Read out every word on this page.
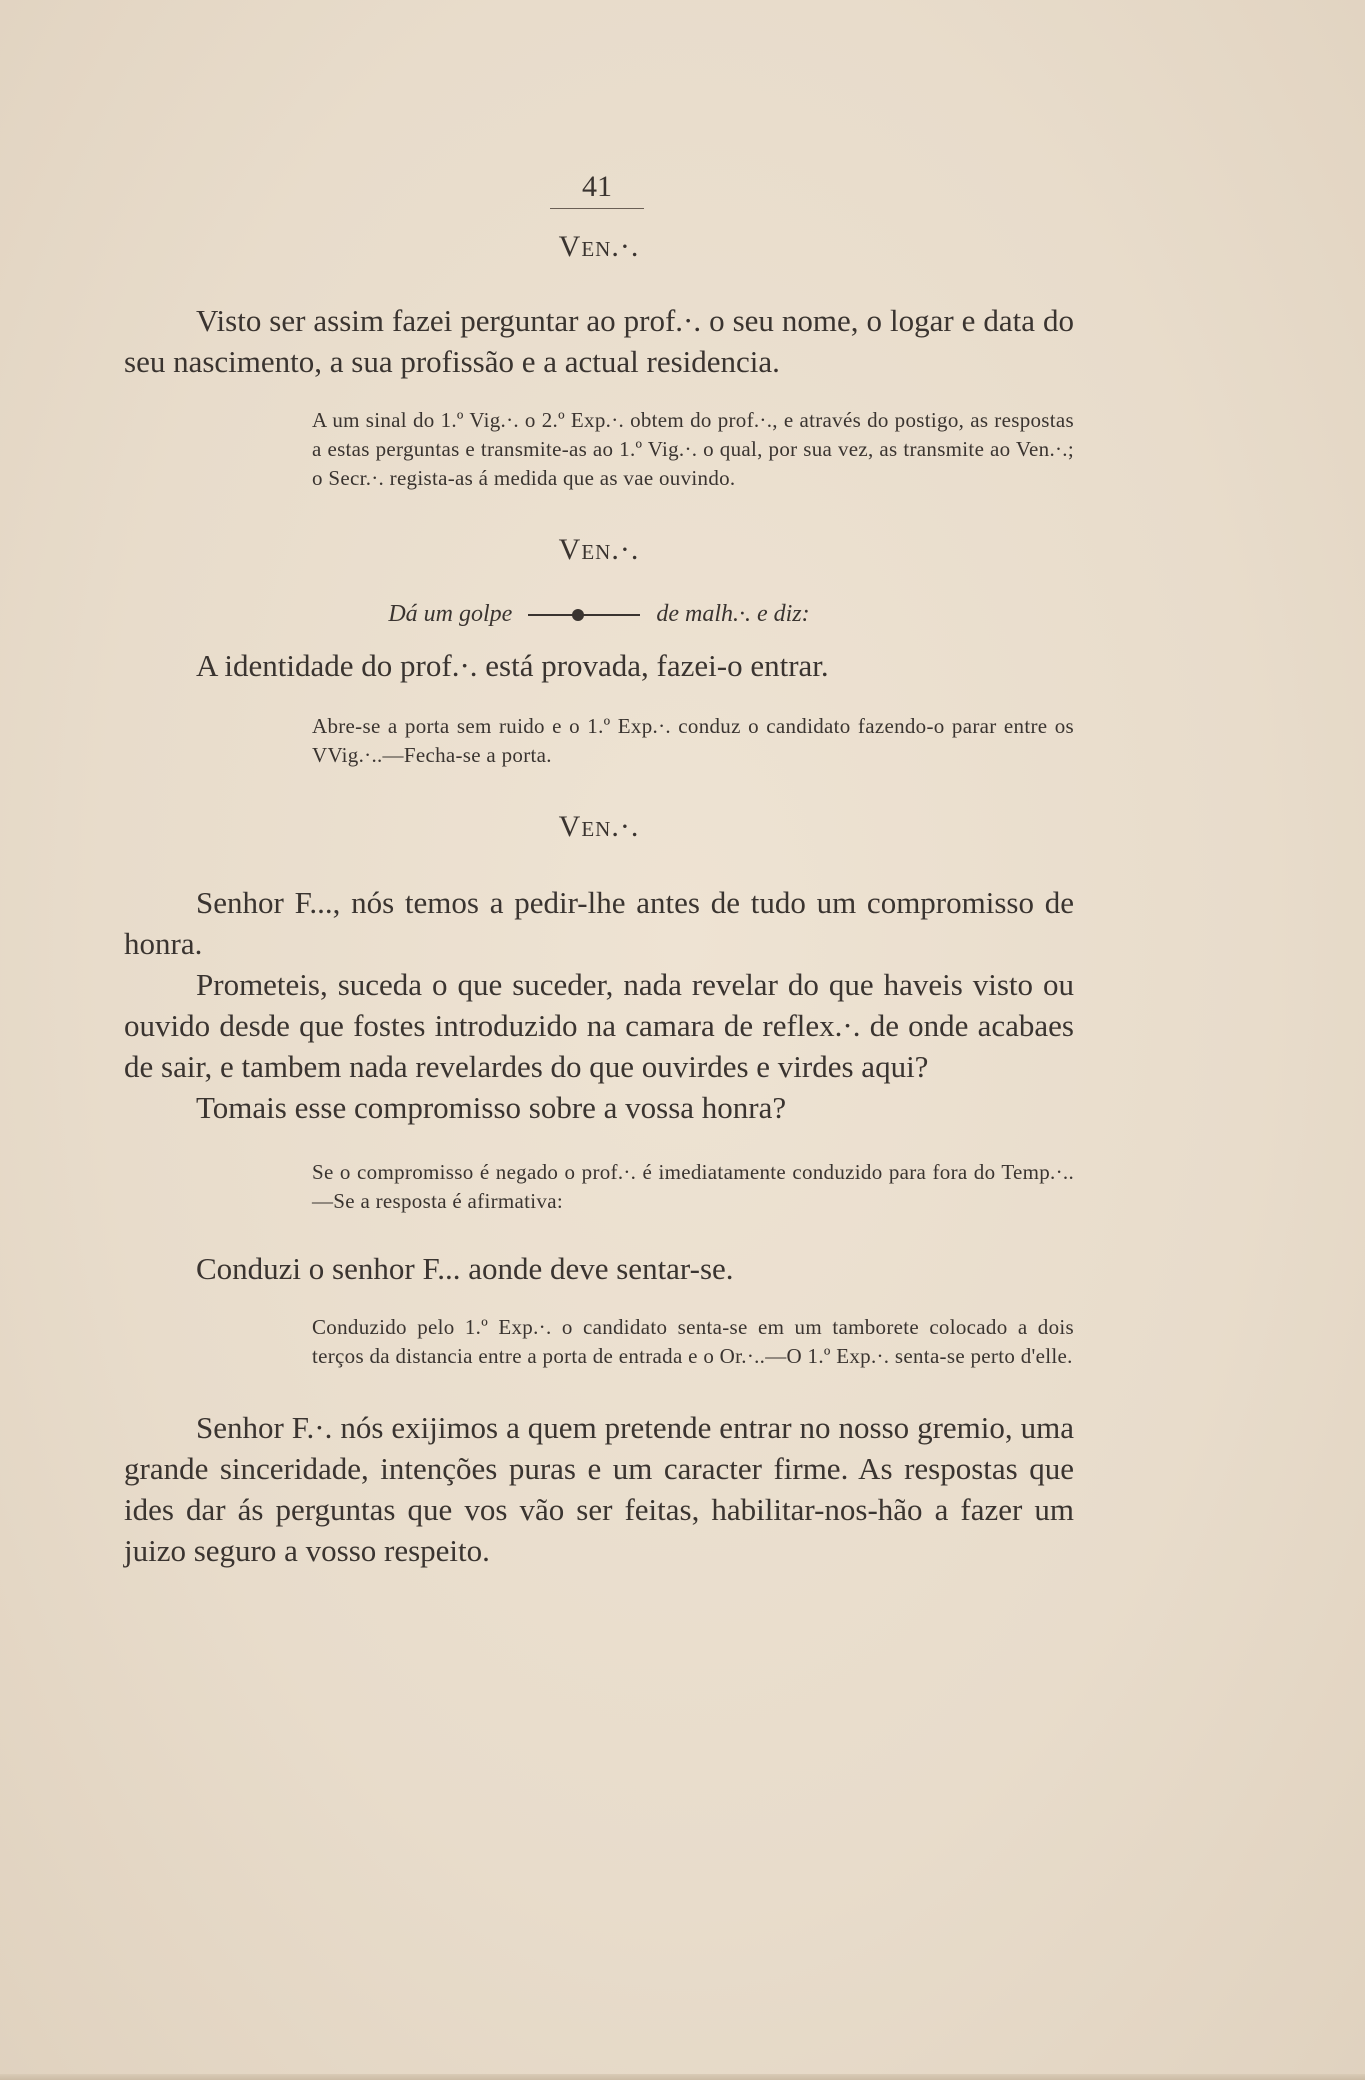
41
Ven.·.

Visto ser assim fazei perguntar ao prof.·. o seu nome, o logar e data do seu nascimento, a sua profissão e a actual residencia.

A um sinal do 1.º Vig.·. o 2.º Exp.·. obtem do prof.·., e através do postigo, as respostas a estas perguntas e transmite-as ao 1.º Vig.·. o qual, por sua vez, as transmite ao Ven.·.; o Secr.·. regista-as á medida que as vae ouvindo.

Ven.·.
Dá um golpe	de malh.·. e diz:

A identidade do prof.·. está provada, fazei-o entrar.

Abre-se a porta sem ruido e o 1.º Exp.·. conduz o candidato fazendo-o parar entre os VVig.·..—Fecha-se a porta.

Ven.·.

Senhor F..., nós temos a pedir-lhe antes de tudo um compromisso de honra.

Prometeis, suceda o que suceder, nada revelar do que haveis visto ou ouvido desde que fostes introduzido na camara de reflex.·. de onde acabaes de sair, e tambem nada revelardes do que ouvirdes e virdes aqui?

Tomais esse compromisso sobre a vossa honra?

Se o compromisso é negado o prof.·. é imediatamente conduzido para fora do Temp.·..—Se a resposta é afirmativa:

Conduzi o senhor F... aonde deve sentar-se.

Conduzido pelo 1.º Exp.·. o candidato senta-se em um tamborete colocado a dois terços da distancia entre a porta de entrada e o Or.·..—O 1.º Exp.·. senta-se perto d'elle.

Senhor F.·. nós exijimos a quem pretende entrar no nosso gremio, uma grande sinceridade, intenções puras e um caracter firme. As respostas que ides dar ás perguntas que vos vão ser feitas, habilitar-nos-hão a fazer um juizo seguro a vosso respeito.
